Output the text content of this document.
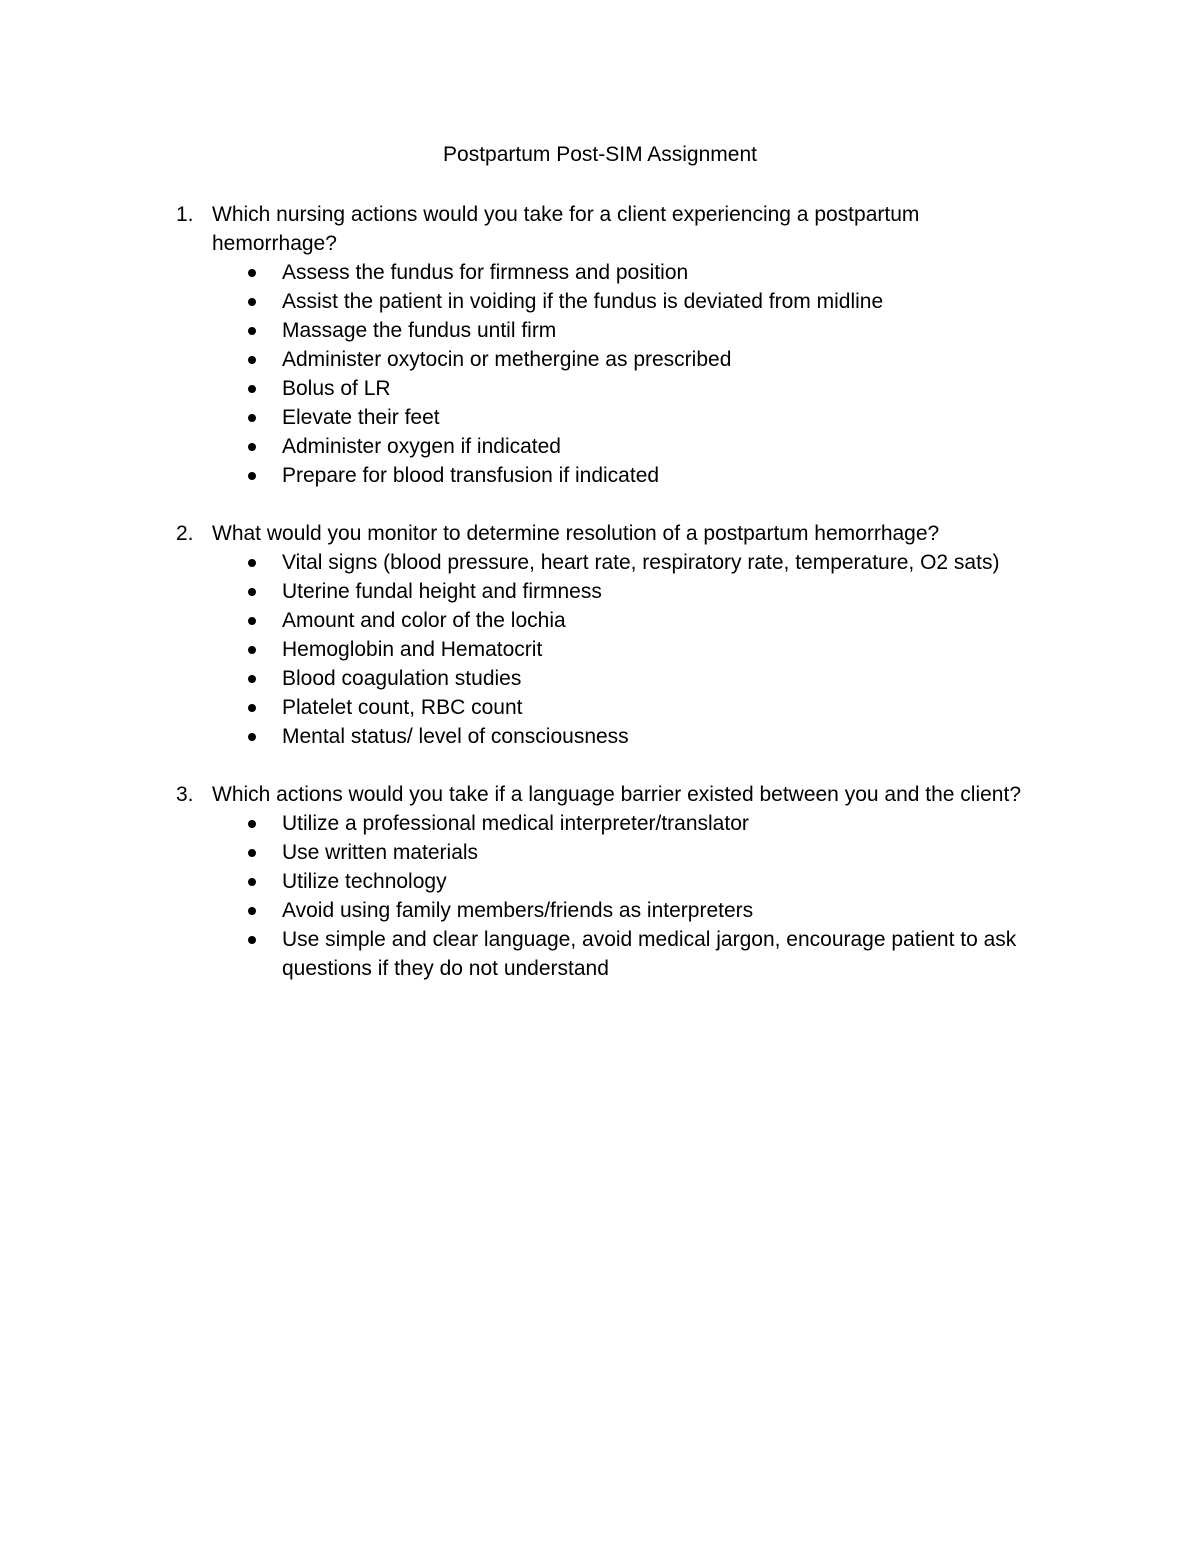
Postpartum Post-SIM Assignment
1. Which nursing actions would you take for a client experiencing a postpartum hemorrhage?
Assess the fundus for firmness and position
Assist the patient in voiding if the fundus is deviated from midline
Massage the fundus until firm
Administer oxytocin or methergine as prescribed
Bolus of LR
Elevate their feet
Administer oxygen if indicated
Prepare for blood transfusion if indicated
2. What would you monitor to determine resolution of a postpartum hemorrhage?
Vital signs (blood pressure, heart rate, respiratory rate, temperature, O2 sats)
Uterine fundal height and firmness
Amount and color of the lochia
Hemoglobin and Hematocrit
Blood coagulation studies
Platelet count, RBC count
Mental status/ level of consciousness
3. Which actions would you take if a language barrier existed between you and the client?
Utilize a professional medical interpreter/translator
Use written materials
Utilize technology
Avoid using family members/friends as interpreters
Use simple and clear language, avoid medical jargon, encourage patient to ask questions if they do not understand
